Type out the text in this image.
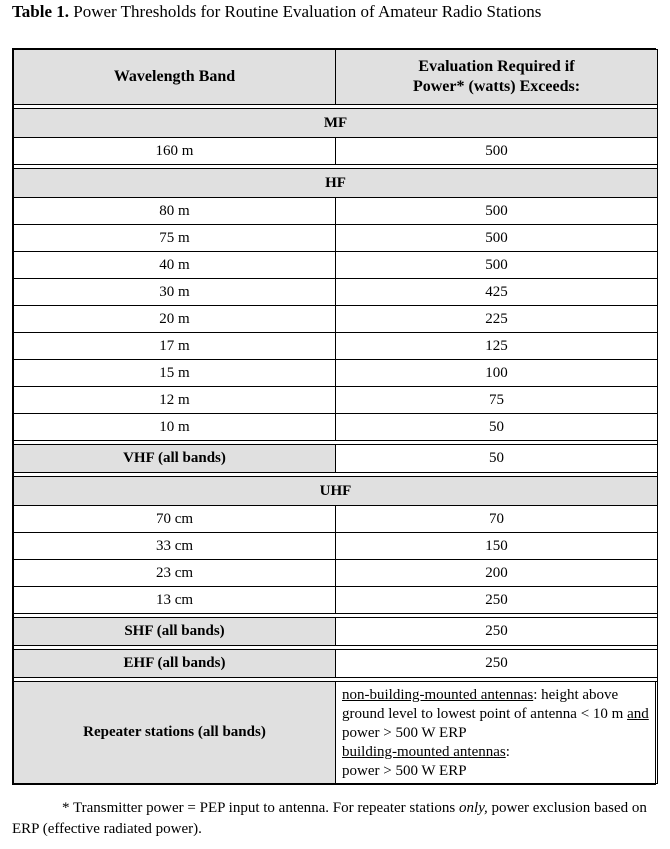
Table 1. Power Thresholds for Routine Evaluation of Amateur Radio Stations
Wavelength Band	Evaluation Required if
Power* (watts) Exceeds:

MF	
160 m	500

HF	
80 m	500
75 m	500
40 m	500
30 m	425
20 m	225
17 m	125
15 m	100
12 m	75
10 m	50

VHF (all bands)	50

UHF	
70 cm	70
33 cm	150
23 cm	200
13 cm	250

SHF (all bands)	250

EHF (all bands)	250

Repeater stations (all bands)	non-building-mounted antennas: height above ground level to lowest point of antenna < 10 m and power > 500 W ERP
building-mounted antennas:
power > 500 W ERP
* Transmitter power = PEP input to antenna. For repeater stations only, power exclusion based on ERP (effective radiated power).
